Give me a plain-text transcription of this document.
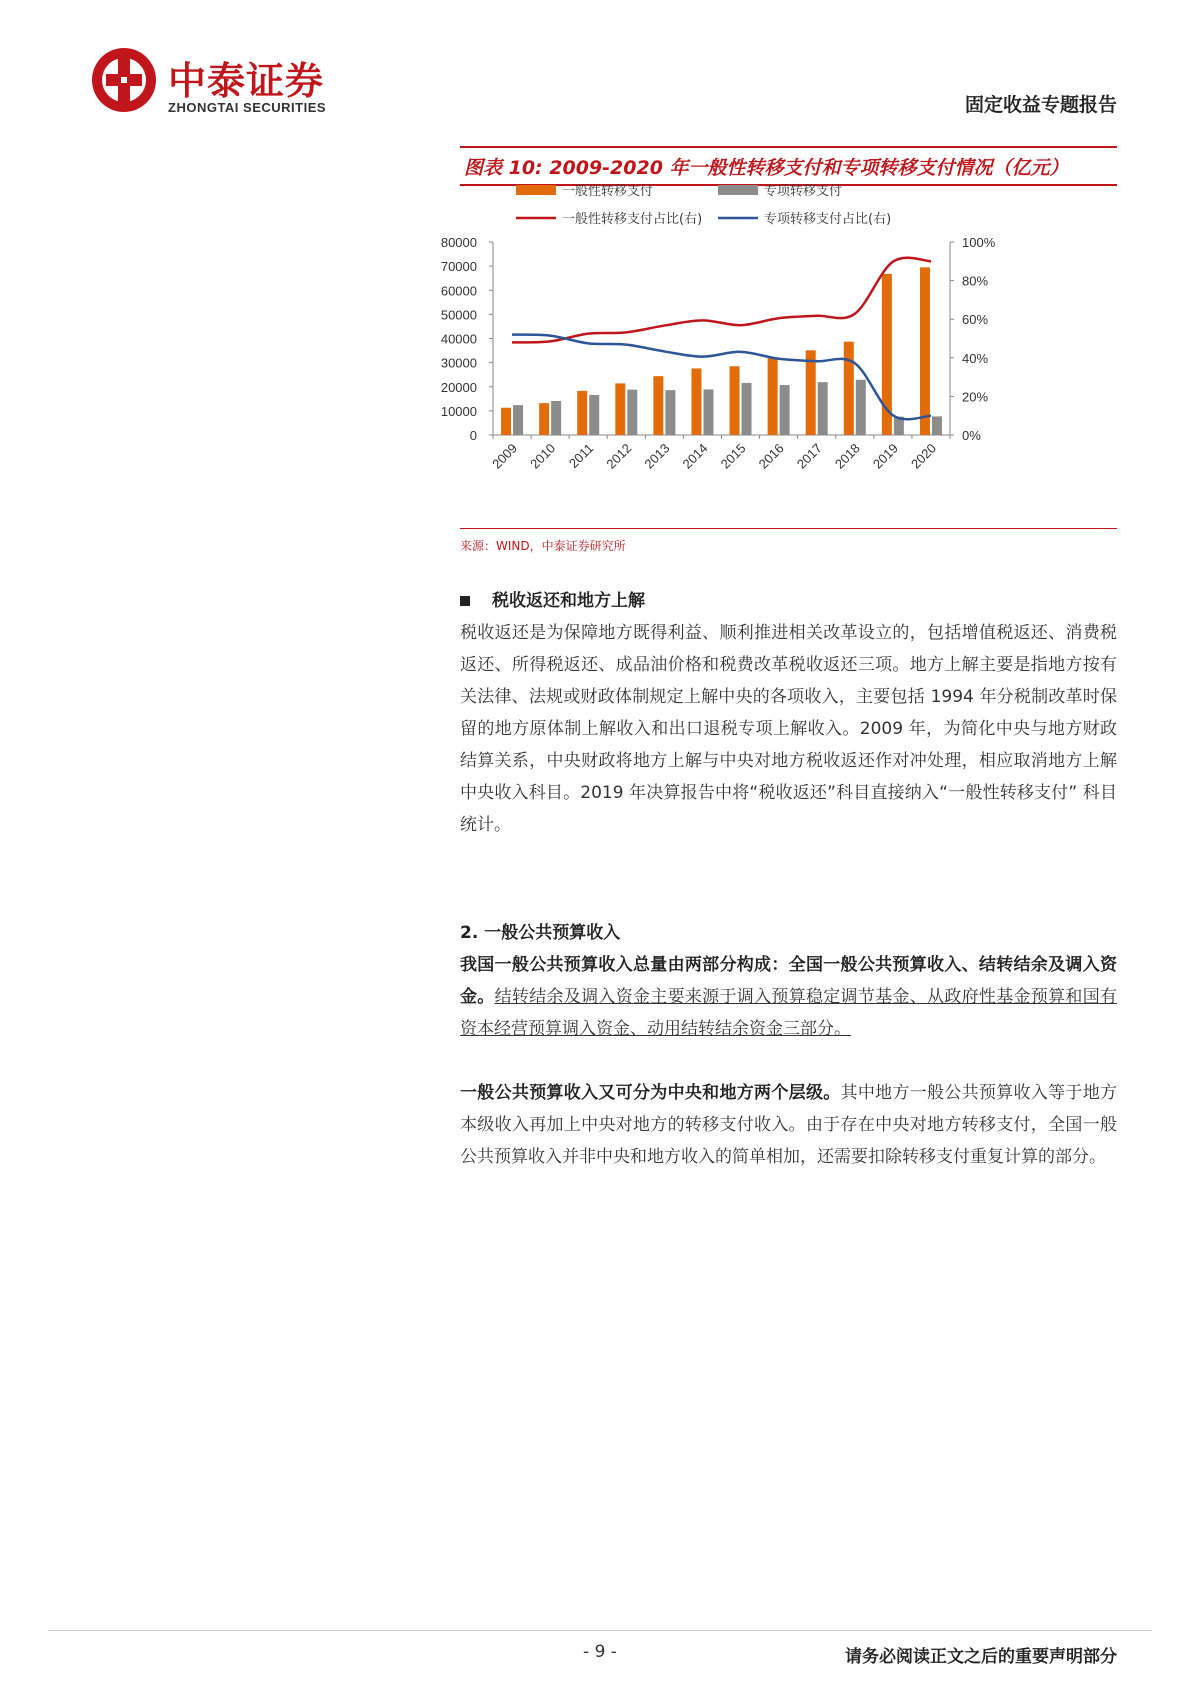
中泰证券
ZHONGTAI SECURITIES	固定收益专题报告
图表 10: 2009-2020 年一般性转移支付和专项转移支付情况（亿元）
一般性转移支付	专项转移支付
一般性转移支付占比(右)	专项转移支付占比(右)
0
10000
20000
30000
40000
50000
60000
70000
80000
0%
20%
40%
60%
80%
100%
2009 2010 2011 2012 2013 2014 2015 2016 2017 2018 2019 2020
来源：WIND，中泰证券研究所
税收返还和地方上解

税收返还是为保障地方既得利益、顺利推进相关改革设立的，包括增值税返还、消费税返还、所得税返还、成品油价格和税费改革税收返还三项。地方上解主要是指地方按有关法律、法规或财政体制规定上解中央的各项收入，主要包括 1994 年分税制改革时保留的地方原体制上解收入和出口退税专项上解收入。2009 年，为简化中央与地方财政结算关系，中央财政将地方上解与中央对地方税收返还作对冲处理，相应取消地方上解中央收入科目。2019 年决算报告中将“税收返还”科目直接纳入“一般性转移支付” 科目统计。

2. 一般公共预算收入

我国一般公共预算收入总量由两部分构成：全国一般公共预算收入、结转结余及调入资金。结转结余及调入资金主要来源于调入预算稳定调节基金、从政府性基金预算和国有资本经营预算调入资金、动用结转结余资金三部分。

一般公共预算收入又可分为中央和地方两个层级。其中地方一般公共预算收入等于地方本级收入再加上中央对地方的转移支付收入。由于存在中央对地方转移支付，全国一般公共预算收入并非中央和地方收入的简单相加，还需要扣除转移支付重复计算的部分。

- 9 -	请务必阅读正文之后的重要声明部分
